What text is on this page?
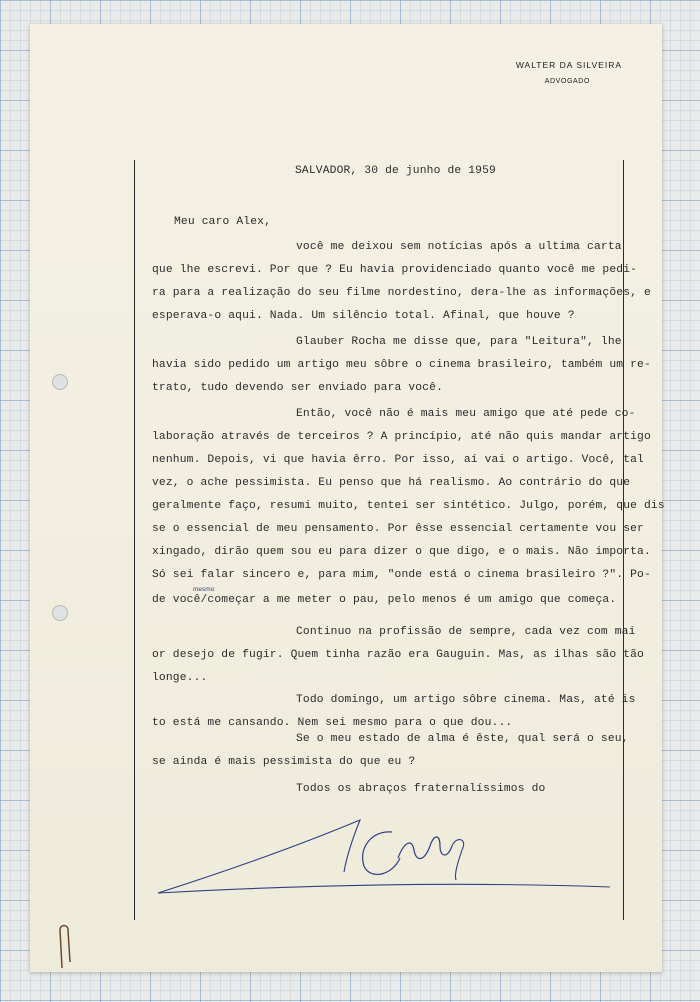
WALTER DA SILVEIRA
ADVOGADO
SALVADOR, 30 de junho de 1959
Meu caro Alex,
você me deixou sem notícias após a ultima carta
que lhe escrevi. Por que ? Eu havia providenciado quanto você me pedi-
ra para a realização do seu filme nordestino, dera-lhe as informações, e
esperava-o aqui. Nada. Um silêncio total. Afinal, que houve ?
Glauber Rocha me disse que, para "Leitura", lhe
havia sido pedido um artigo meu sôbre o cinema brasileiro, também um re-
trato, tudo devendo ser enviado para você.
Então, você não é mais meu amigo que até pede co-
laboração através de terceiros ? A princípio, até não quis mandar artigo
nenhum. Depois, vi que havia êrro. Por isso, aí vai o artigo. Você, tal
vez, o ache pessimista. Eu penso que há realismo. Ao contrário do que
geralmente faço, resumi muito, tentei ser sintético. Julgo, porém, que dis
se o essencial de meu pensamento. Por êsse essencial certamente vou ser
xingado, dirão quem sou eu para dizer o que digo, e o mais. Não importa.
Só sei falar sincero e, para mim, "onde está o cinema brasileiro ?". Po-
mesmo
de você/começar a me meter o pau, pelo menos é um amigo que começa.
Continuo na profissão de sempre, cada vez com mai
or desejo de fugir. Quem tinha razão era Gauguin. Mas, as ilhas são tão
longe...
Todo domingo, um artigo sôbre cinema. Mas, até is
to está me cansando. Nem sei mesmo para o que dou...
Se o meu estado de alma é êste, qual será o seu,
se ainda é mais pessimista do que eu ?
Todos os abraços fraternalíssimos do
